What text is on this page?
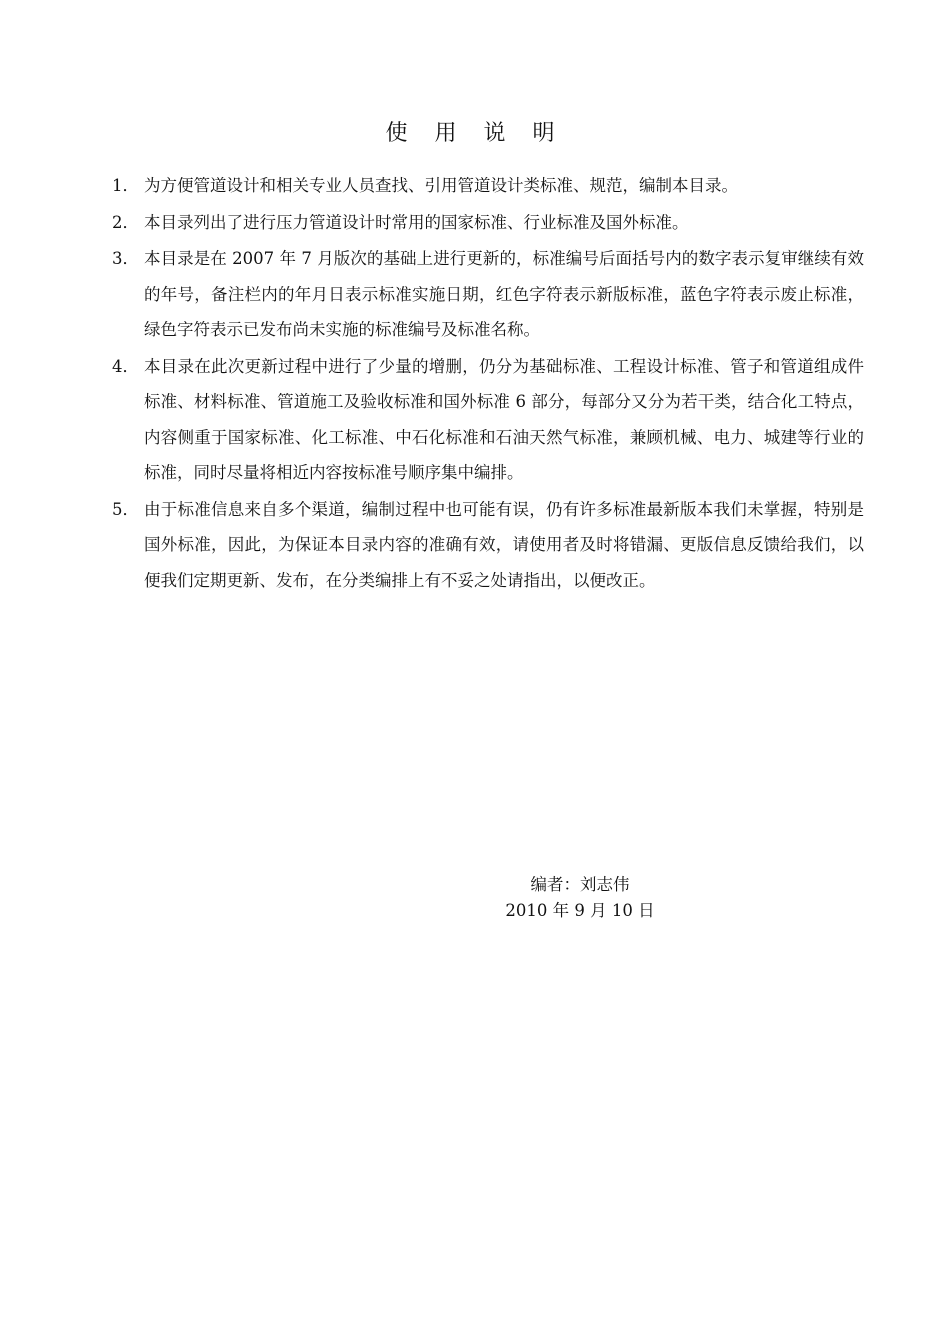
使 用 说 明
1． 为方便管道设计和相关专业人员查找、引用管道设计类标准、规范，编制本目录。
2． 本目录列出了进行压力管道设计时常用的国家标准、行业标准及国外标准。
3． 本目录是在 2007 年 7 月版次的基础上进行更新的，标准编号后面括号内的数字表示复审继续有效的年号，备注栏内的年月日表示标准实施日期，红色字符表示新版标准，蓝色字符表示废止标准，绿色字符表示已发布尚未实施的标准编号及标准名称。
4． 本目录在此次更新过程中进行了少量的增删，仍分为基础标准、工程设计标准、管子和管道组成件标准、材料标准、管道施工及验收标准和国外标准 6 部分，每部分又分为若干类，结合化工特点，内容侧重于国家标准、化工标准、中石化标准和石油天然气标准，兼顾机械、电力、城建等行业的标准，同时尽量将相近内容按标准号顺序集中编排。
5． 由于标准信息来自多个渠道，编制过程中也可能有误，仍有许多标准最新版本我们未掌握，特别是国外标准，因此，为保证本目录内容的准确有效，请使用者及时将错漏、更版信息反馈给我们，以便我们定期更新、发布，在分类编排上有不妥之处请指出，以便改正。
编者：刘志伟
2010 年 9 月 10 日
